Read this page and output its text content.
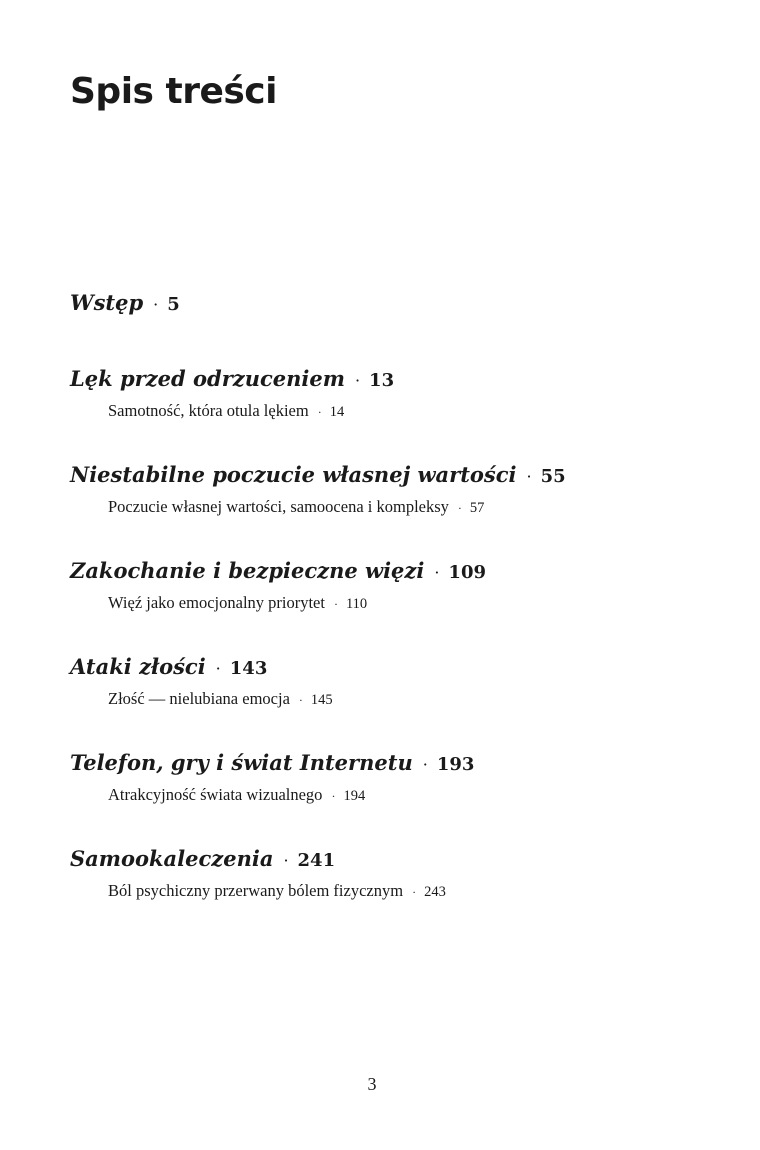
Spis treści
Wstęp · 5
Lęk przed odrzuceniem · 13
Samotność, która otula lękiem · 14
Niestabilne poczucie własnej wartości · 55
Poczucie własnej wartości, samoocena i kompleksy · 57
Zakochanie i bezpieczne więzi · 109
Więź jako emocjonalny priorytet · 110
Ataki złości · 143
Złość — nielubiana emocja · 145
Telefon, gry i świat Internetu · 193
Atrakcyjność świata wizualnego · 194
Samookaleczenia · 241
Ból psychiczny przerwany bólem fizycznym · 243
3
